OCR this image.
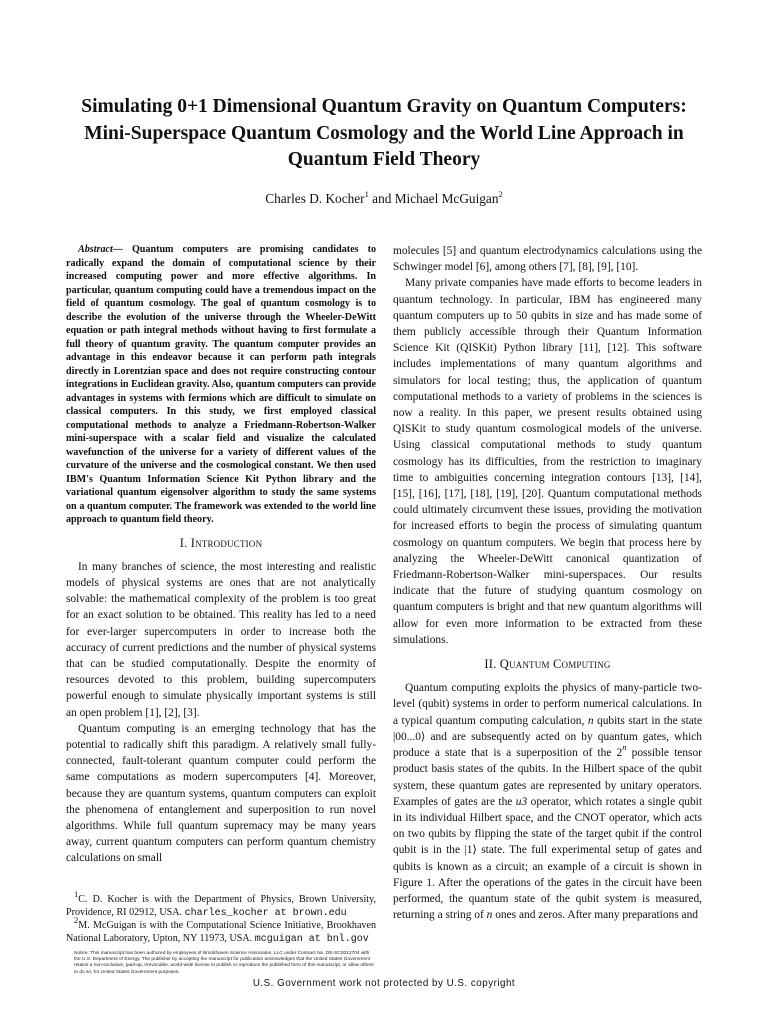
Simulating 0+1 Dimensional Quantum Gravity on Quantum Computers: Mini-Superspace Quantum Cosmology and the World Line Approach in Quantum Field Theory
Charles D. Kocher$^1$ and Michael McGuigan$^2$

Abstract— Quantum computers are promising candidates to radically expand the domain of computational science by their increased computing power and more effective algorithms. In particular, quantum computing could have a tremendous impact on the field of quantum cosmology. The goal of quantum cosmology is to describe the evolution of the universe through the Wheeler-DeWitt equation or path integral methods without having to first formulate a full theory of quantum gravity. The quantum computer provides an advantage in this endeavor because it can perform path integrals directly in Lorentzian space and does not require constructing contour integrations in Euclidean gravity. Also, quantum computers can provide advantages in systems with fermions which are difficult to simulate on classical computers. In this study, we first employed classical computational methods to analyze a Friedmann-Robertson-Walker mini-superspace with a scalar field and visualize the calculated wavefunction of the universe for a variety of different values of the curvature of the universe and the cosmological constant. We then used IBM's Quantum Information Science Kit Python library and the variational quantum eigensolver algorithm to study the same systems on a quantum computer. The framework was extended to the world line approach to quantum field theory.

I. Introduction

In many branches of science, the most interesting and realistic models of physical systems are ones that are not analytically solvable: the mathematical complexity of the problem is too great for an exact solution to be obtained. This reality has led to a need for ever-larger supercomputers in order to increase both the accuracy of current predictions and the number of physical systems that can be studied computationally. Despite the enormity of resources devoted to this problem, building supercomputers powerful enough to simulate physically important systems is still an open problem [1], [2], [3].

Quantum computing is an emerging technology that has the potential to radically shift this paradigm. A relatively small fully-connected, fault-tolerant quantum computer could perform the same computations as modern supercomputers [4]. Moreover, because they are quantum systems, quantum computers can exploit the phenomena of entanglement and superposition to run novel algorithms. While full quantum supremacy may be many years away, current quantum computers can perform quantum chemistry calculations on small

$^1$C. D. Kocher is with the Department of Physics, Brown University, Providence, RI 02912, USA. charles_kocher at brown.edu

$^2$M. McGuigan is with the Computational Science Initiative, Brookhaven National Laboratory, Upton, NY 11973, USA. mcguigan at bnl.gov

Notice: This manuscript has been authored by employees of Brookhaven Science Associates, LLC under Contract No. DE-SC0012704 with the U.S. Department of Energy. The publisher by accepting the manuscript for publication acknowledges that the United States Government retains a non-exclusive, paid-up, irrevocable, world-wide license to publish or reproduce the published form of this manuscript, or allow others to do so, for United States Government purposes.

molecules [5] and quantum electrodynamics calculations using the Schwinger model [6], among others [7], [8], [9], [10].

Many private companies have made efforts to become leaders in quantum technology. In particular, IBM has engineered many quantum computers up to 50 qubits in size and has made some of them publicly accessible through their Quantum Information Science Kit (QISKit) Python library [11], [12]. This software includes implementations of many quantum algorithms and simulators for local testing; thus, the application of quantum computational methods to a variety of problems in the sciences is now a reality. In this paper, we present results obtained using QISKit to study quantum cosmological models of the universe. Using classical computational methods to study quantum cosmology has its difficulties, from the restriction to imaginary time to ambiguities concerning integration contours [13], [14], [15], [16], [17], [18], [19], [20]. Quantum computational methods could ultimately circumvent these issues, providing the motivation for increased efforts to begin the process of simulating quantum cosmology on quantum computers. We begin that process here by analyzing the Wheeler-DeWitt canonical quantization of Friedmann-Robertson-Walker mini-superspaces. Our results indicate that the future of studying quantum cosmology on quantum computers is bright and that new quantum algorithms will allow for even more information to be extracted from these simulations.

II. Quantum Computing

Quantum computing exploits the physics of many-particle two-level (qubit) systems in order to perform numerical calculations. In a typical quantum computing calculation, n qubits start in the state |00...0⟩ and are subsequently acted on by quantum gates, which produce a state that is a superposition of the 2$^n$ possible tensor product basis states of the qubits. In the Hilbert space of the qubit system, these quantum gates are represented by unitary operators. Examples of gates are the u3 operator, which rotates a single qubit in its individual Hilbert space, and the CNOT operator, which acts on two qubits by flipping the state of the target qubit if the control qubit is in the |1⟩ state. The full experimental setup of gates and qubits is known as a circuit; an example of a circuit is shown in Figure 1. After the operations of the gates in the circuit have been performed, the quantum state of the qubit system is measured, returning a string of n ones and zeros. After many preparations and

U.S. Government work not protected by U.S. copyright
